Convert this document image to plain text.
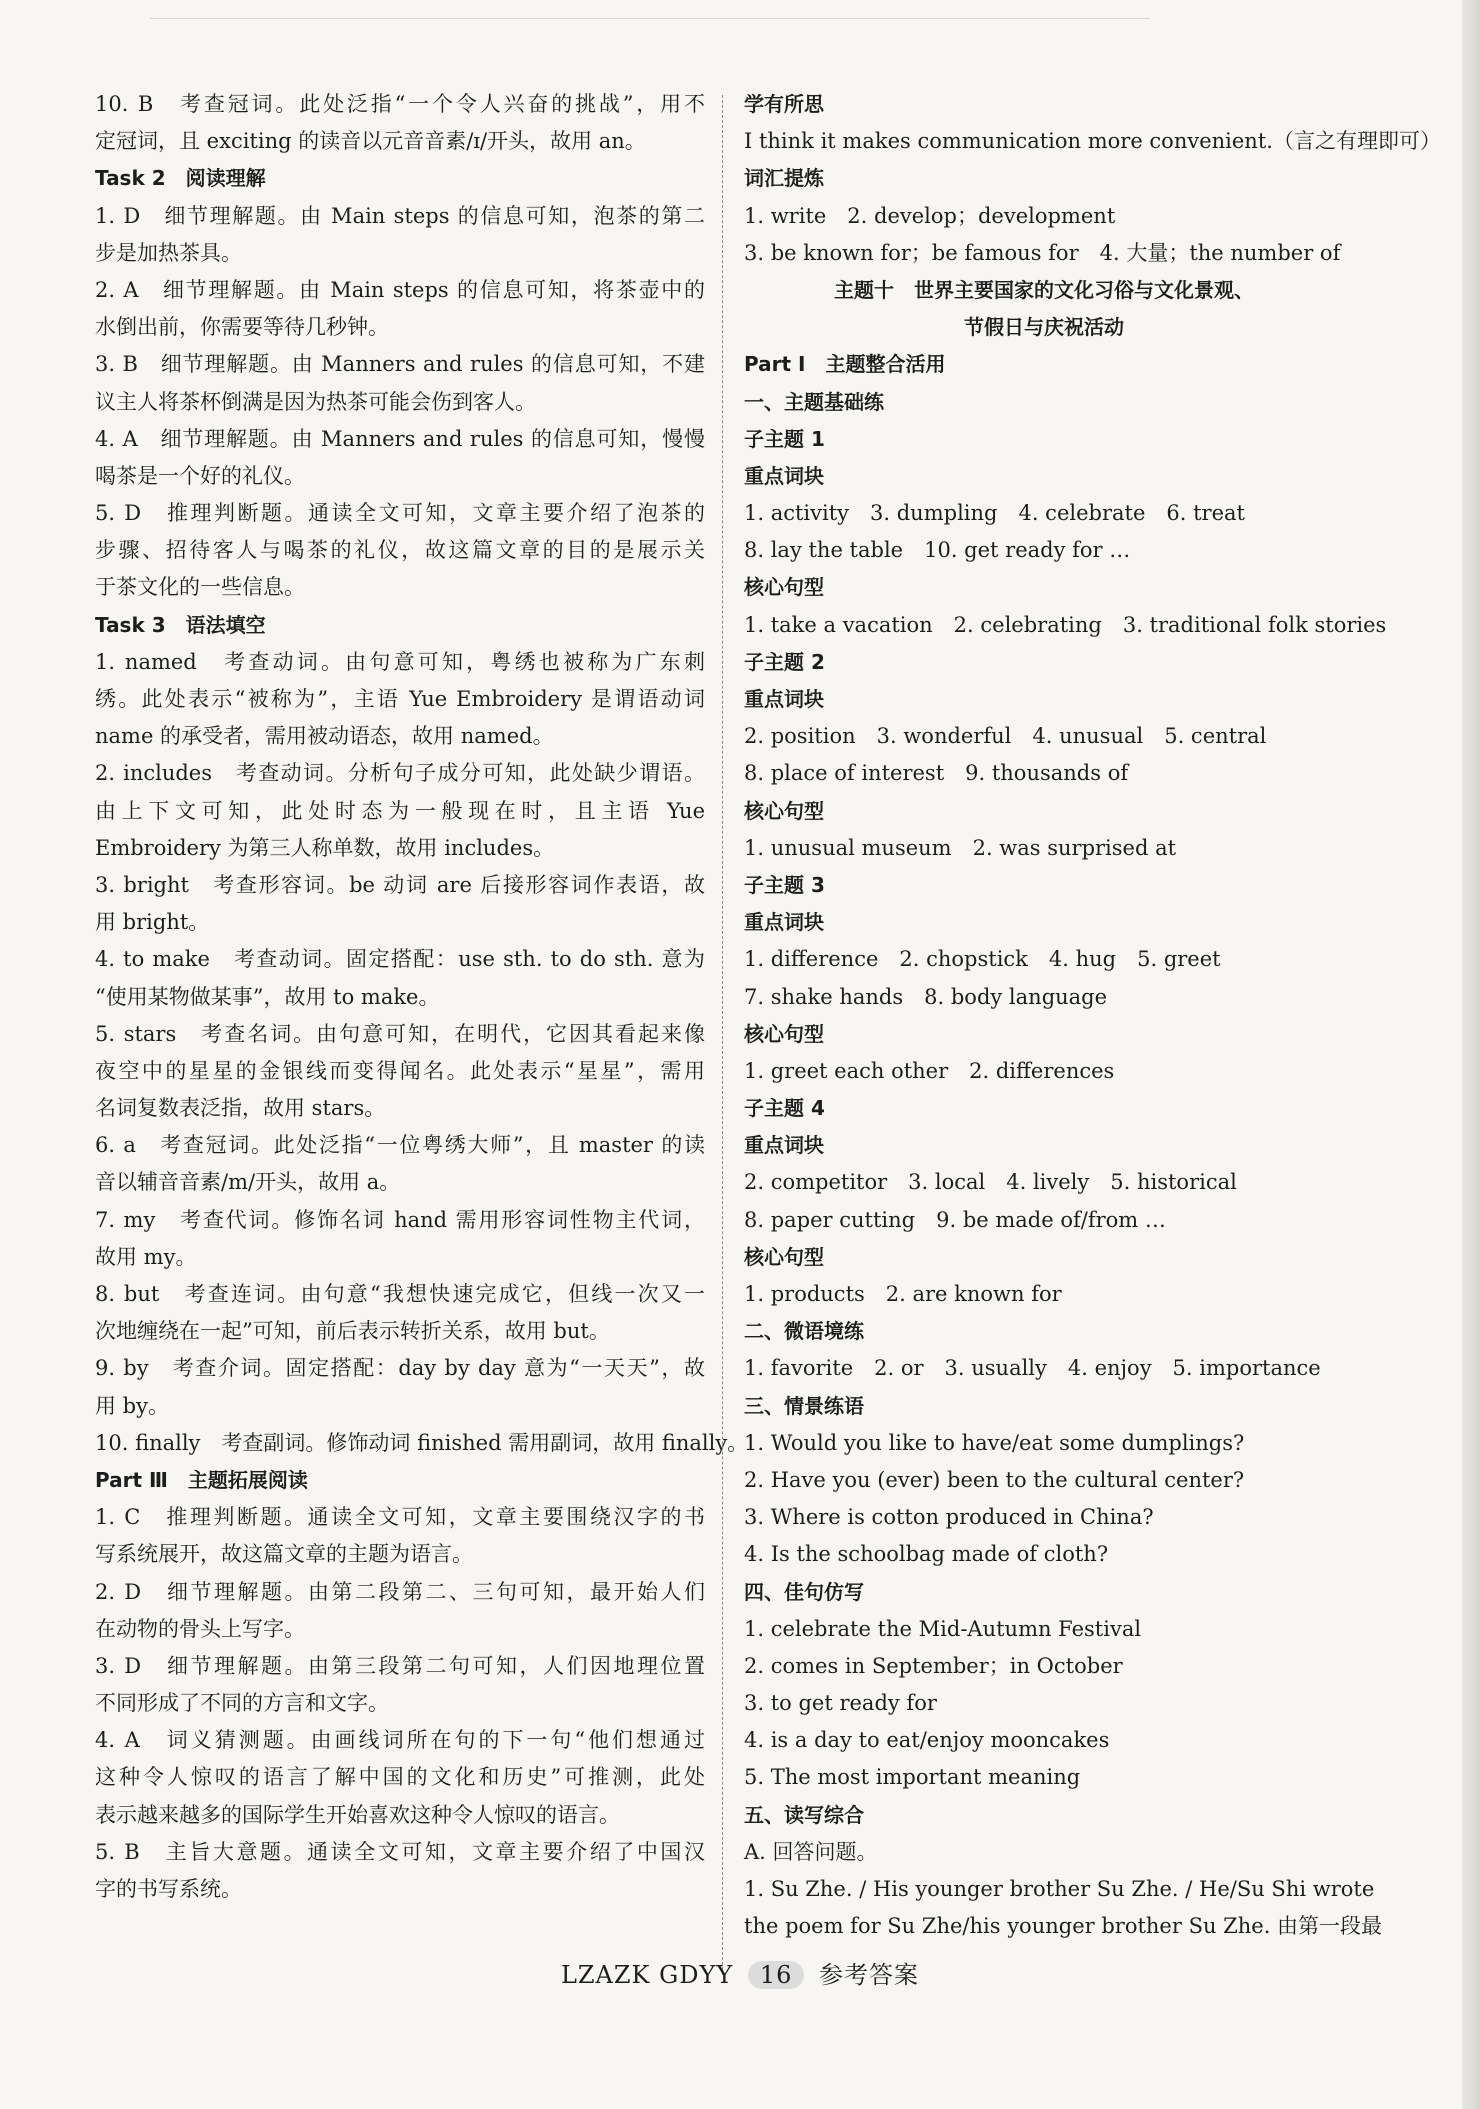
10. B　考查冠词。此处泛指“一个令人兴奋的挑战”，用不
定冠词，且 exciting 的读音以元音音素/ɪ/开头，故用 an。
Task 2　阅读理解
1. D　细节理解题。由 Main steps 的信息可知，泡茶的第二
步是加热茶具。
2. A　细节理解题。由 Main steps 的信息可知，将茶壶中的
水倒出前，你需要等待几秒钟。
3. B　细节理解题。由 Manners and rules 的信息可知，不建
议主人将茶杯倒满是因为热茶可能会伤到客人。
4. A　细节理解题。由 Manners and rules 的信息可知，慢慢
喝茶是一个好的礼仪。
5. D　推理判断题。通读全文可知，文章主要介绍了泡茶的
步骤、招待客人与喝茶的礼仪，故这篇文章的目的是展示关
于茶文化的一些信息。
Task 3　语法填空
1. named　考查动词。由句意可知，粤绣也被称为广东刺
绣。此处表示“被称为”，主语 Yue Embroidery 是谓语动词
name 的承受者，需用被动语态，故用 named。
2. includes　考查动词。分析句子成分可知，此处缺少谓语。
由上下文可知，此处时态为一般现在时，且主语 Yue
Embroidery 为第三人称单数，故用 includes。
3. bright　考查形容词。be 动词 are 后接形容词作表语，故
用 bright。
4. to make　考查动词。固定搭配：use sth. to do sth. 意为
“使用某物做某事”，故用 to make。
5. stars　考查名词。由句意可知，在明代，它因其看起来像
夜空中的星星的金银线而变得闻名。此处表示“星星”，需用
名词复数表泛指，故用 stars。
6. a　考查冠词。此处泛指“一位粤绣大师”，且 master 的读
音以辅音音素/m/开头，故用 a。
7. my　考查代词。修饰名词 hand 需用形容词性物主代词，
故用 my。
8. but　考查连词。由句意“我想快速完成它，但线一次又一
次地缠绕在一起”可知，前后表示转折关系，故用 but。
9. by　考查介词。固定搭配：day by day 意为“一天天”，故
用 by。
10. finally　考查副词。修饰动词 finished 需用副词，故用 finally。
Part Ⅲ　主题拓展阅读
1. C　推理判断题。通读全文可知，文章主要围绕汉字的书
写系统展开，故这篇文章的主题为语言。
2. D　细节理解题。由第二段第二、三句可知，最开始人们
在动物的骨头上写字。
3. D　细节理解题。由第三段第二句可知，人们因地理位置
不同形成了不同的方言和文字。
4. A　词义猜测题。由画线词所在句的下一句“他们想通过
这种令人惊叹的语言了解中国的文化和历史”可推测，此处
表示越来越多的国际学生开始喜欢这种令人惊叹的语言。
5. B　主旨大意题。通读全文可知，文章主要介绍了中国汉
字的书写系统。
学有所思
I think it makes communication more convenient.（言之有理即可）
词汇提炼
1. write　2. develop；development
3. be known for；be famous for　4. 大量；the number of
主题十　世界主要国家的文化习俗与文化景观、
节假日与庆祝活动
Part Ⅰ　主题整合活用
一、主题基础练
子主题 1
重点词块
1. activity　3. dumpling　4. celebrate　6. treat
8. lay the table　10. get ready for …
核心句型
1. take a vacation　2. celebrating　3. traditional folk stories
子主题 2
重点词块
2. position　3. wonderful　4. unusual　5. central
8. place of interest　9. thousands of
核心句型
1. unusual museum　2. was surprised at
子主题 3
重点词块
1. difference　2. chopstick　4. hug　5. greet
7. shake hands　8. body language
核心句型
1. greet each other　2. differences
子主题 4
重点词块
2. competitor　3. local　4. lively　5. historical
8. paper cutting　9. be made of/from …
核心句型
1. products　2. are known for
二、微语境练
1. favorite　2. or　3. usually　4. enjoy　5. importance
三、情景练语
1. Would you like to have/eat some dumplings?
2. Have you (ever) been to the cultural center?
3. Where is cotton produced in China?
4. Is the schoolbag made of cloth?
四、佳句仿写
1. celebrate the Mid-Autumn Festival
2. comes in September；in October
3. to get ready for
4. is a day to eat/enjoy mooncakes
5. The most important meaning
五、读写综合
A. 回答问题。
1. Su Zhe. / His younger brother Su Zhe. / He/Su Shi wrote
the poem for Su Zhe/his younger brother Su Zhe. 由第一段最
LZAZK GDYY 16 参考答案
